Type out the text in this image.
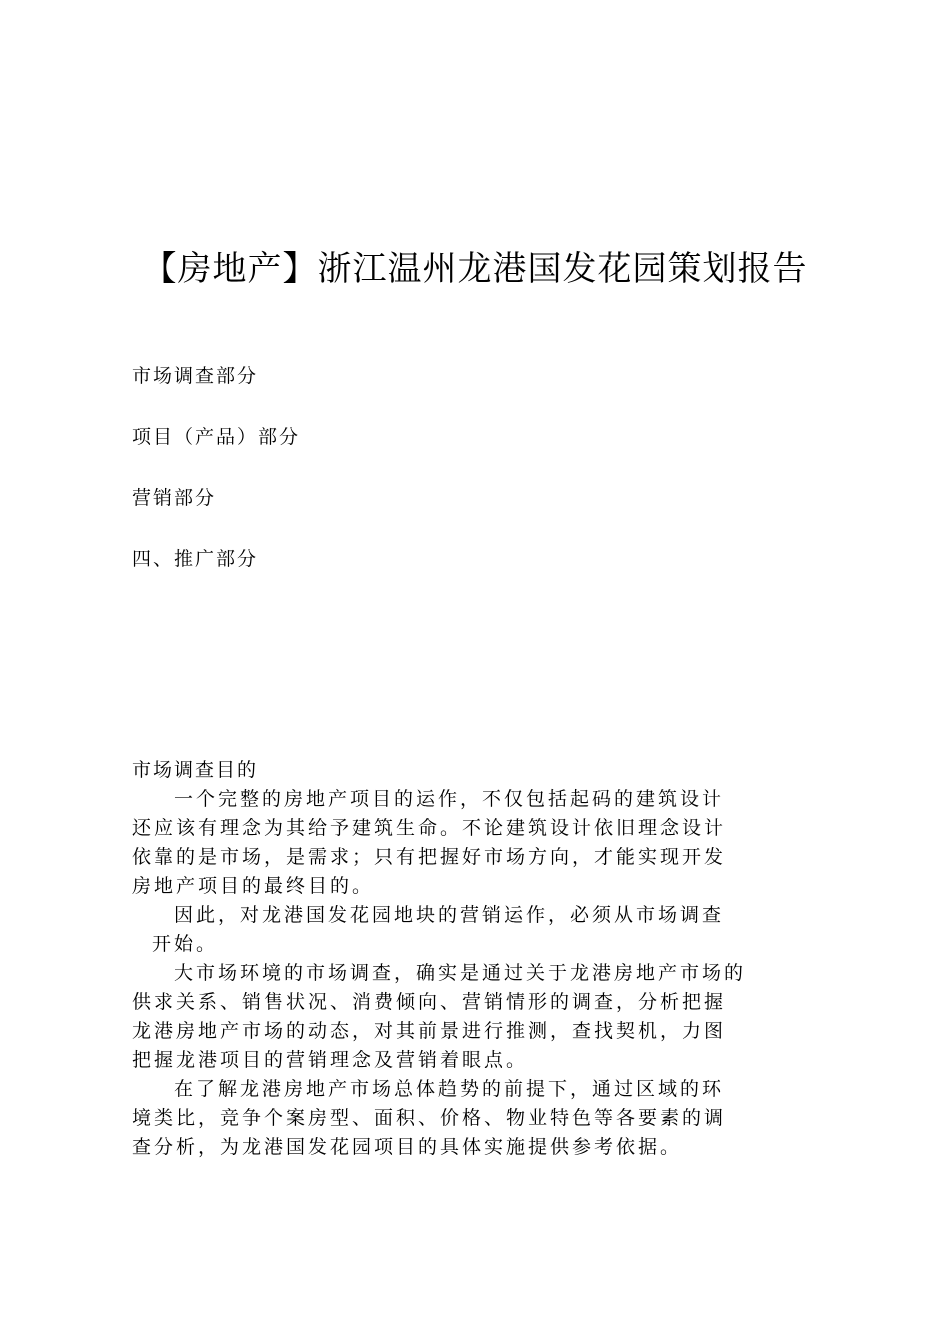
【房地产】浙江温州龙港国发花园策划报告
市场调查部分
项目（产品）部分
营销部分
四、推广部分
市场调查目的

一个完整的房地产项目的运作，不仅包括起码的建筑设计
还应该有理念为其给予建筑生命。不论建筑设计依旧理念设计
依靠的是市场，是需求；只有把握好市场方向，才能实现开发
房地产项目的最终目的。

因此，对龙港国发花园地块的营销运作，必须从市场调查
开始。

大市场环境的市场调查，确实是通过关于龙港房地产市场的
供求关系、销售状况、消费倾向、营销情形的调查，分析把握
龙港房地产市场的动态，对其前景进行推测，查找契机，力图
把握龙港项目的营销理念及营销着眼点。

在了解龙港房地产市场总体趋势的前提下，通过区域的环
境类比，竞争个案房型、面积、价格、物业特色等各要素的调
查分析，为龙港国发花园项目的具体实施提供参考依据。
